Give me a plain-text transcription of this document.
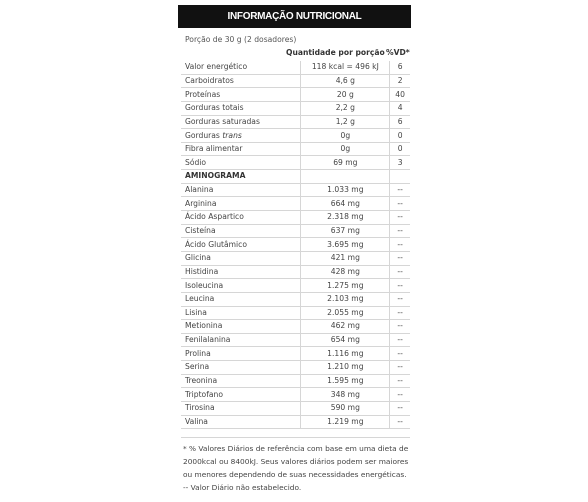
INFORMAÇÃO NUTRICIONAL
Porção de 30 g (2 dosadores)
Quantidade por porção %VD*
Valor energético	118 kcal = 496 kJ	6
Carboidratos	4,6 g	2
Proteínas	20 g	40
Gorduras totais	2,2 g	4
Gorduras saturadas	1,2 g	6
Gorduras trans	0g	0
Fibra alimentar	0g	0
Sódio	69 mg	3
AMINOGRAMA		
Alanina	1.033 mg	--
Arginina	664 mg	--
Ácido Aspartico	2.318 mg	--
Cisteína	637 mg	--
Ácido Glutâmico	3.695 mg	--
Glicina	421 mg	--
Histidina	428 mg	--
Isoleucina	1.275 mg	--
Leucina	2.103 mg	--
Lisina	2.055 mg	--
Metionina	462 mg	--
Fenilalanina	654 mg	--
Prolina	1.116 mg	--
Serina	1.210 mg	--
Treonina	1.595 mg	--
Triptofano	348 mg	--
Tirosina	590 mg	--
Valina	1.219 mg	--

* % Valores Diários de referência com base em uma dieta de

2000kcal ou 8400kJ. Seus valores diários podem ser maiores

ou menores dependendo de suas necessidades energéticas.

-- Valor Diário não estabelecido.
